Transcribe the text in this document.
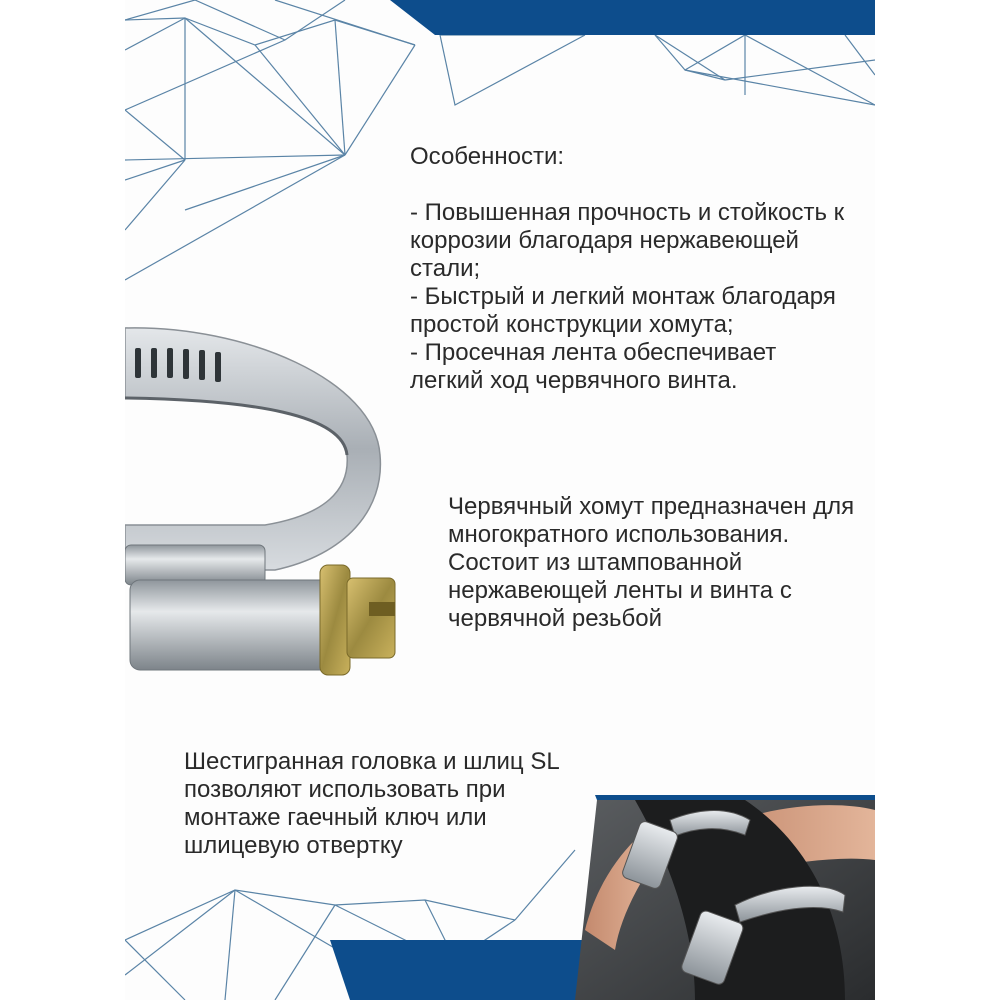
Особенности:

- Повышенная прочность и стойкость к коррозии благодаря нержавеющей стали;
- Быстрый и легкий монтаж благодаря простой конструкции хомута;
- Просечная лента обеспечивает легкий ход червячного винта.
Червячный хомут предназначен для многократного использования. Состоит из штампованной нержавеющей ленты и винта с червячной резьбой
Шестигранная головка и шлиц SL позволяют использовать при монтаже гаечный ключ или шлицевую отвертку
